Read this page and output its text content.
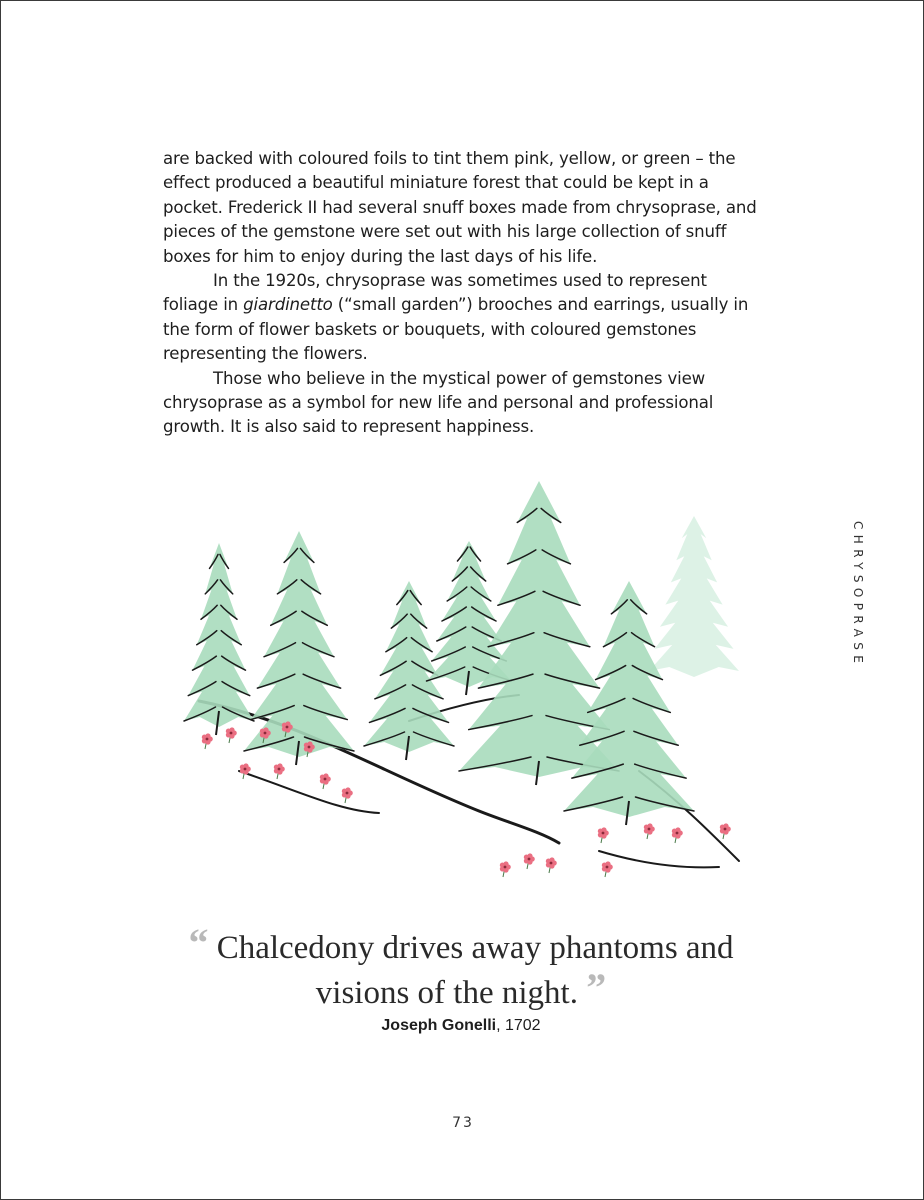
are backed with coloured foils to tint them pink, yellow, or green – the effect produced a beautiful miniature forest that could be kept in a pocket. Frederick II had several snuff boxes made from chrysoprase, and pieces of the gemstone were set out with his large collection of snuff boxes for him to enjoy during the last days of his life.

In the 1920s, chrysoprase was sometimes used to represent foliage in giardinetto (“small garden”) brooches and earrings, usually in the form of flower baskets or bouquets, with coloured gemstones representing the flowers.

Those who believe in the mystical power of gemstones view chrysoprase as a symbol for new life and personal and professional growth. It is also said to represent happiness.

CHRYSOPRASE
“ Chalcedony drives away phantoms and visions of the night. ”
Joseph Gonelli, 1702
73
